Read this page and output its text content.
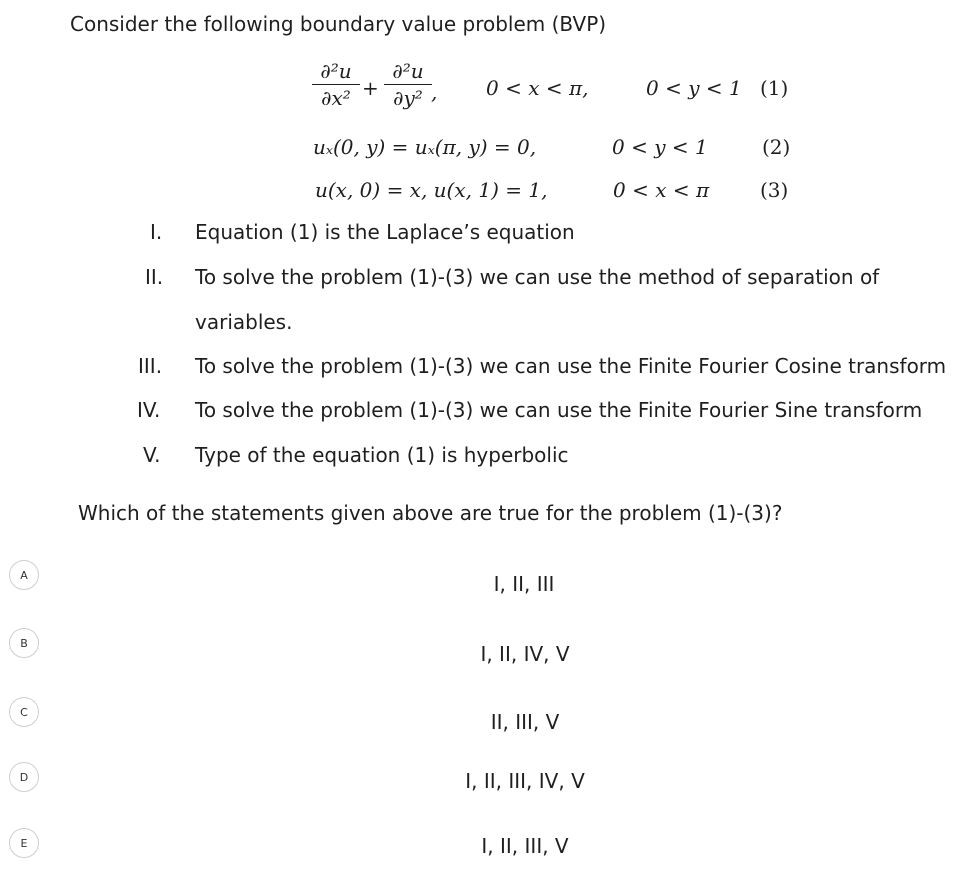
Consider the following boundary value problem (BVP)
∂²u
∂x² +
∂²u
∂y² , 0 < x < π,	0 < y < 1 (1)
uₓ(0, y) = uₓ(π, y) = 0,	0 < y < 1	(2)
u(x, 0) = x, u(x, 1) = 1,	0 < x < π	(3)
I. Equation (1) is the Laplace’s equation
II. To solve the problem (1)-(3) we can use the method of separation of
variables.
III. To solve the problem (1)-(3) we can use the Finite Fourier Cosine transform
IV. To solve the problem (1)-(3) we can use the Finite Fourier Sine transform
V. Type of the equation (1) is hyperbolic
Which of the statements given above are true for the problem (1)-(3)?
A	I, II, III
B	I, II, IV, V
C	II, III, V
D	I, II, III, IV, V
E	I, II, III, V
